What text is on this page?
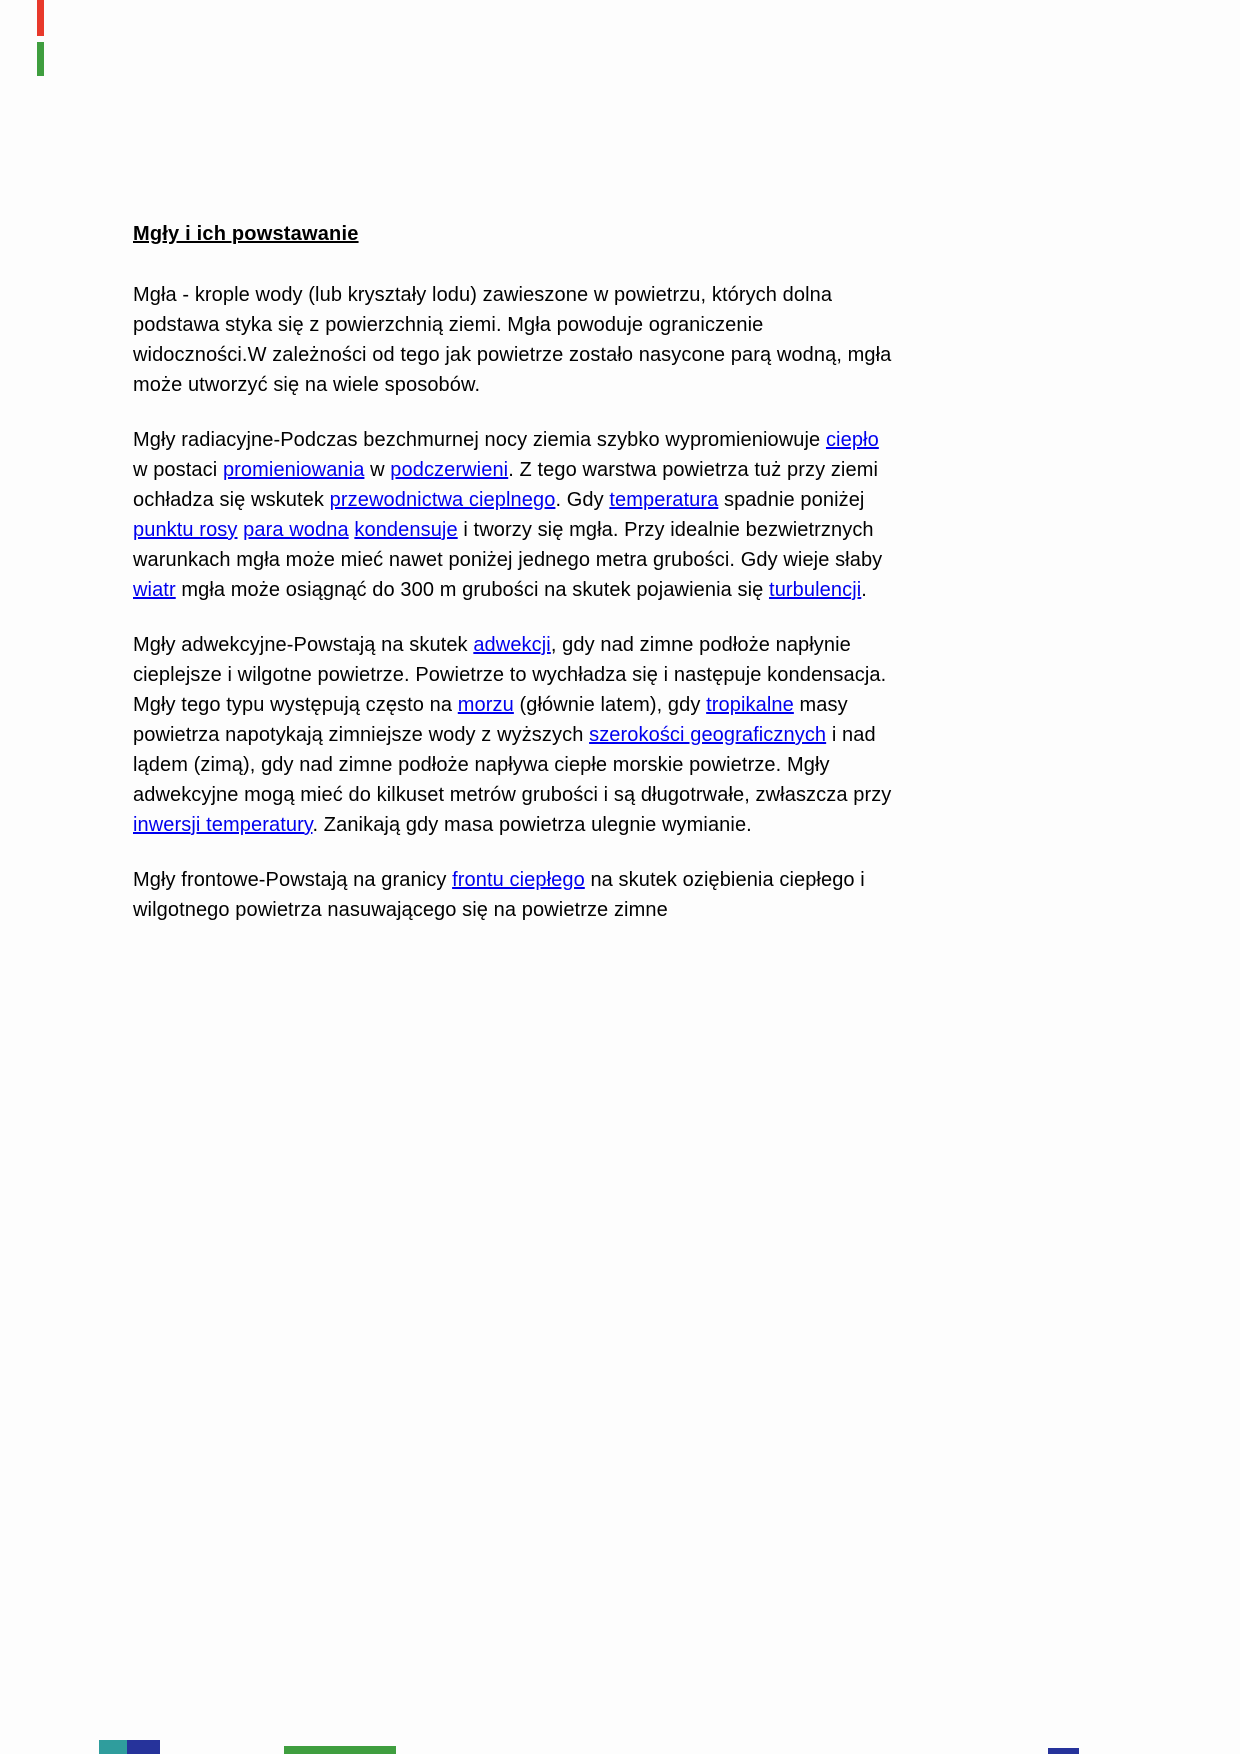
Mgły i ich powstawanie

Mgła - krople wody (lub kryształy lodu) zawieszone w powietrzu, których dolna
podstawa styka się z powierzchnią ziemi. Mgła powoduje ograniczenie
widoczności.W zależności od tego jak powietrze zostało nasycone parą wodną, mgła
może utworzyć się na wiele sposobów.

Mgły radiacyjne-Podczas bezchmurnej nocy ziemia szybko wypromieniowuje ciepło
w postaci promieniowania w podczerwieni. Z tego warstwa powietrza tuż przy ziemi
ochładza się wskutek przewodnictwa cieplnego. Gdy temperatura spadnie poniżej
punktu rosy para wodna kondensuje i tworzy się mgła. Przy idealnie bezwietrznych
warunkach mgła może mieć nawet poniżej jednego metra grubości. Gdy wieje słaby
wiatr mgła może osiągnąć do 300 m grubości na skutek pojawienia się turbulencji.

Mgły adwekcyjne-Powstają na skutek adwekcji, gdy nad zimne podłoże napłynie
cieplejsze i wilgotne powietrze. Powietrze to wychładza się i następuje kondensacja.
Mgły tego typu występują często na morzu (głównie latem), gdy tropikalne masy
powietrza napotykają zimniejsze wody z wyższych szerokości geograficznych i nad
lądem (zimą), gdy nad zimne podłoże napływa ciepłe morskie powietrze. Mgły
adwekcyjne mogą mieć do kilkuset metrów grubości i są długotrwałe, zwłaszcza przy
inwersji temperatury. Zanikają gdy masa powietrza ulegnie wymianie.

Mgły frontowe-Powstają na granicy frontu ciepłego na skutek oziębienia ciepłego i
wilgotnego powietrza nasuwającego się na powietrze zimne
